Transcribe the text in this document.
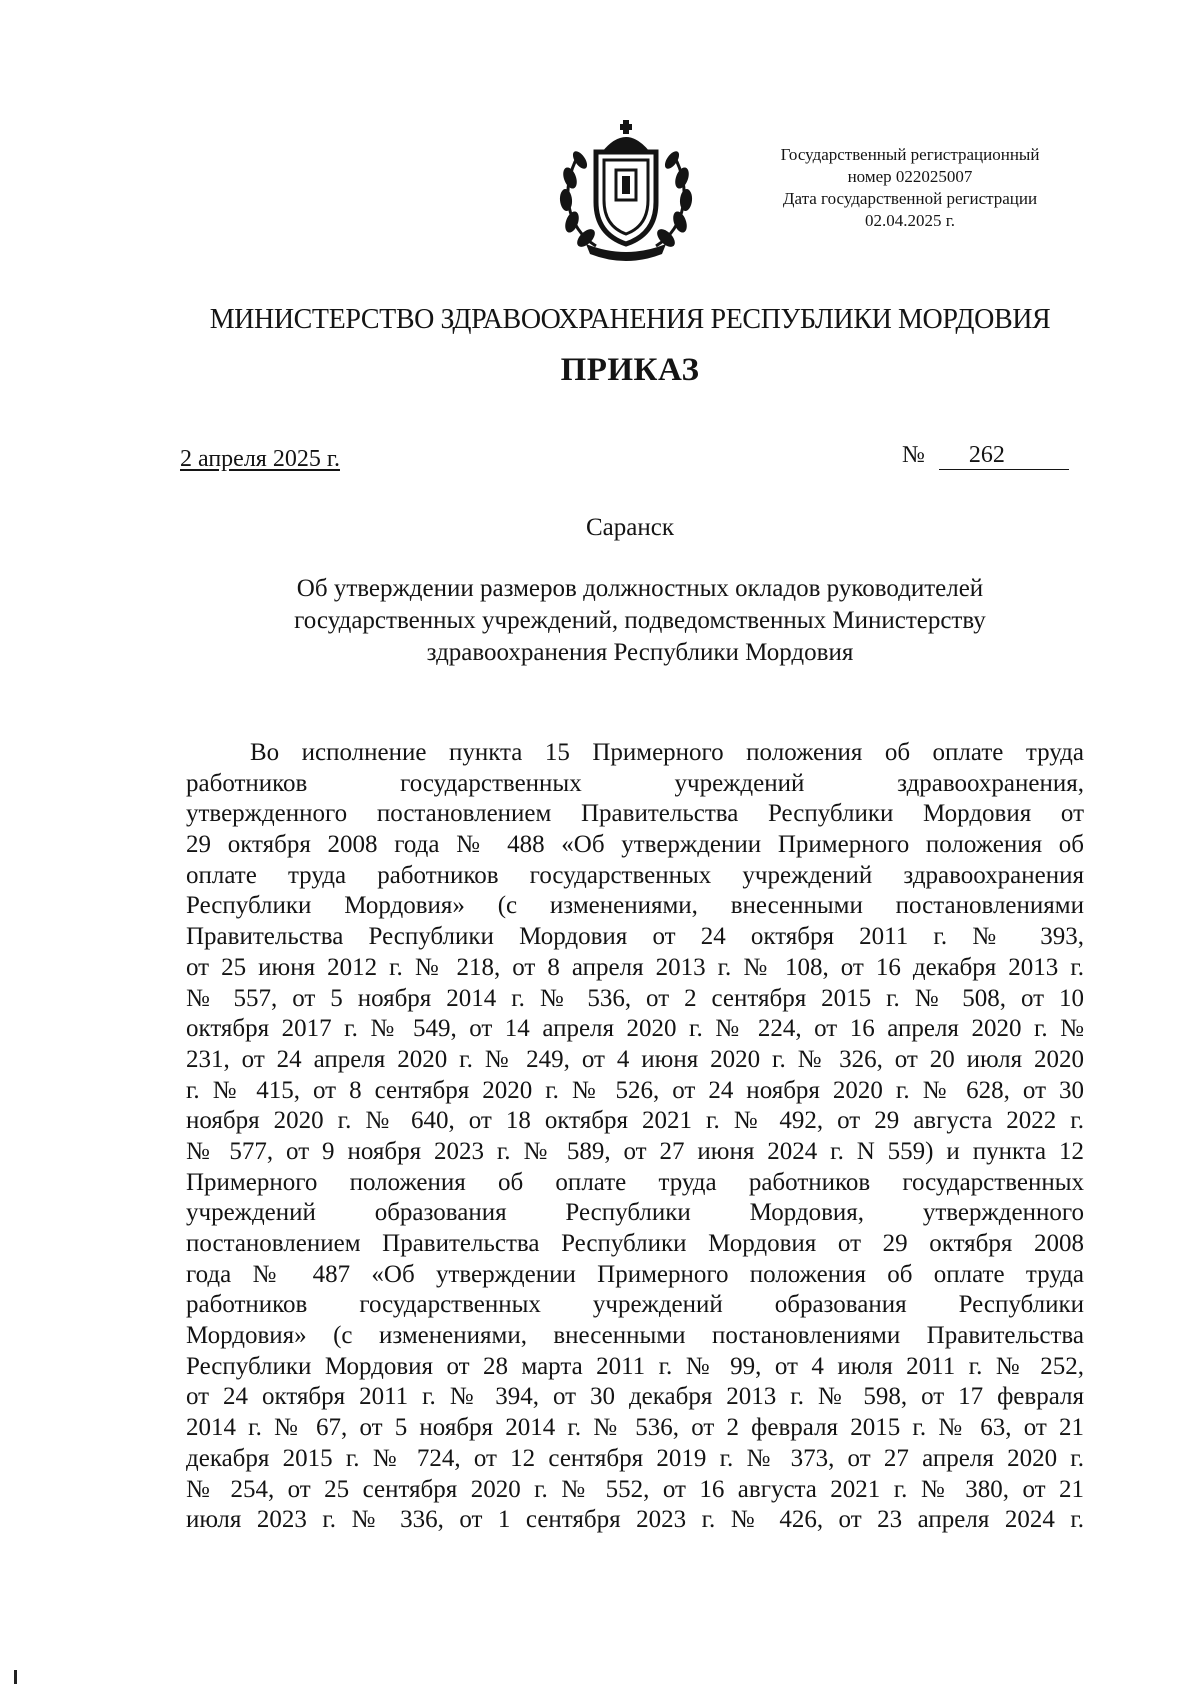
Государственный регистрационный
номер 022025007
Дата государственной регистрации
02.04.2025 г.
МИНИСТЕРСТВО ЗДРАВООХРАНЕНИЯ РЕСПУБЛИКИ МОРДОВИЯ
ПРИКАЗ
2 апреля 2025 г.	№ 262
Саранск
Об утверждении размеров должностных окладов руководителей
государственных учреждений, подведомственных Министерству
здравоохранения Республики Мордовия
Во исполнение пункта 15 Примерного положения об оплате труда
работников государственных учреждений здравоохранения,
утвержденного постановлением Правительства Республики Мордовия от
29 октября 2008 года № 488 «Об утверждении Примерного положения об
оплате труда работников государственных учреждений здравоохранения
Республики Мордовия» (с изменениями, внесенными постановлениями
Правительства Республики Мордовия от 24 октября 2011 г. № 393,
от 25 июня 2012 г. № 218, от 8 апреля 2013 г. № 108, от 16 декабря 2013 г.
№ 557, от 5 ноября 2014 г. № 536, от 2 сентября 2015 г. № 508, от 10
октября 2017 г. № 549, от 14 апреля 2020 г. № 224, от 16 апреля 2020 г. №
231, от 24 апреля 2020 г. № 249, от 4 июня 2020 г. № 326, от 20 июля 2020
г. № 415, от 8 сентября 2020 г. № 526, от 24 ноября 2020 г. № 628, от 30
ноября 2020 г. № 640, от 18 октября 2021 г. № 492, от 29 августа 2022 г.
№ 577, от 9 ноября 2023 г. № 589, от 27 июня 2024 г. N 559) и пункта 12
Примерного положения об оплате труда работников государственных
учреждений образования Республики Мордовия, утвержденного
постановлением Правительства Республики Мордовия от 29 октября 2008
года № 487 «Об утверждении Примерного положения об оплате труда
работников государственных учреждений образования Республики
Мордовия» (с изменениями, внесенными постановлениями Правительства
Республики Мордовия от 28 марта 2011 г. № 99, от 4 июля 2011 г. № 252,
от 24 октября 2011 г. № 394, от 30 декабря 2013 г. № 598, от 17 февраля
2014 г. № 67, от 5 ноября 2014 г. № 536, от 2 февраля 2015 г. № 63, от 21
декабря 2015 г. № 724, от 12 сентября 2019 г. № 373, от 27 апреля 2020 г.
№ 254, от 25 сентября 2020 г. № 552, от 16 августа 2021 г. № 380, от 21
июля 2023 г. № 336, от 1 сентября 2023 г. № 426, от 23 апреля 2024 г.
